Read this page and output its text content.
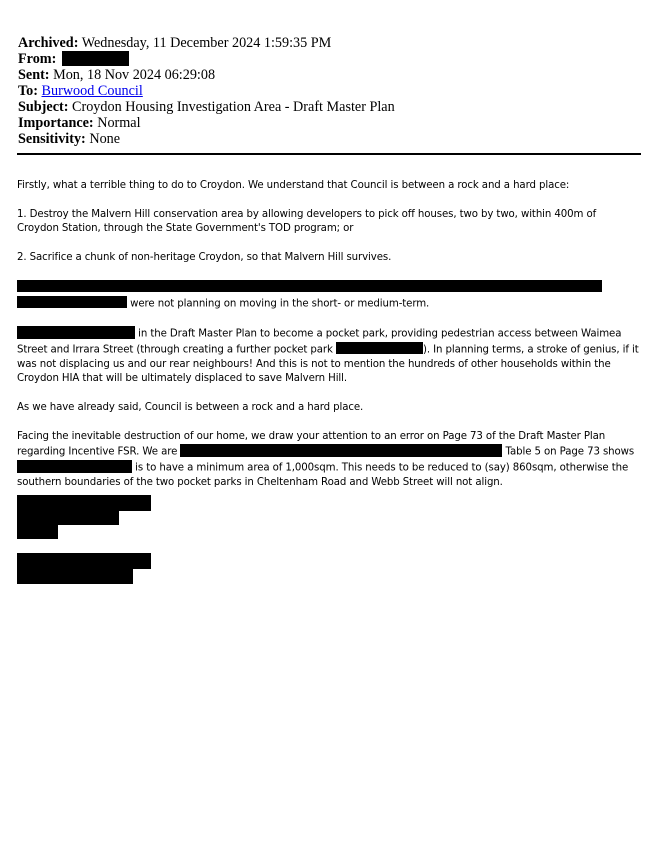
Archived: Wednesday, 11 December 2024 1:59:35 PM
From:
Sent: Mon, 18 Nov 2024 06:29:08
To: Burwood Council
Subject: Croydon Housing Investigation Area - Draft Master Plan
Importance: Normal
Sensitivity: None

Firstly, what a terrible thing to do to Croydon. We understand that Council is between a rock and a hard place:

1. Destroy the Malvern Hill conservation area by allowing developers to pick off houses, two by two, within 400m of Croydon Station, through the State Government's TOD program; or

2. Sacrifice a chunk of non-heritage Croydon, so that Malvern Hill survives.

were not planning on moving in the short- or medium-term.

in the Draft Master Plan to become a pocket park, providing pedestrian access between Waimea Street and Irrara Street (through creating a further pocket park	). In planning terms, a stroke of genius, if it was not displacing us and our rear neighbours! And this is not to mention the hundreds of other households within the Croydon HIA that will be ultimately displaced to save Malvern Hill.

As we have already said, Council is between a rock and a hard place.

Facing the inevitable destruction of our home, we draw your attention to an error on Page 73 of the Draft Master Plan regarding Incentive FSR. We are	Table 5 on Page 73 shows  is to have a minimum area of 1,000sqm. This needs to be reduced to (say) 860sqm, otherwise the southern boundaries of the two pocket parks in Cheltenham Road and Webb Street will not align.
